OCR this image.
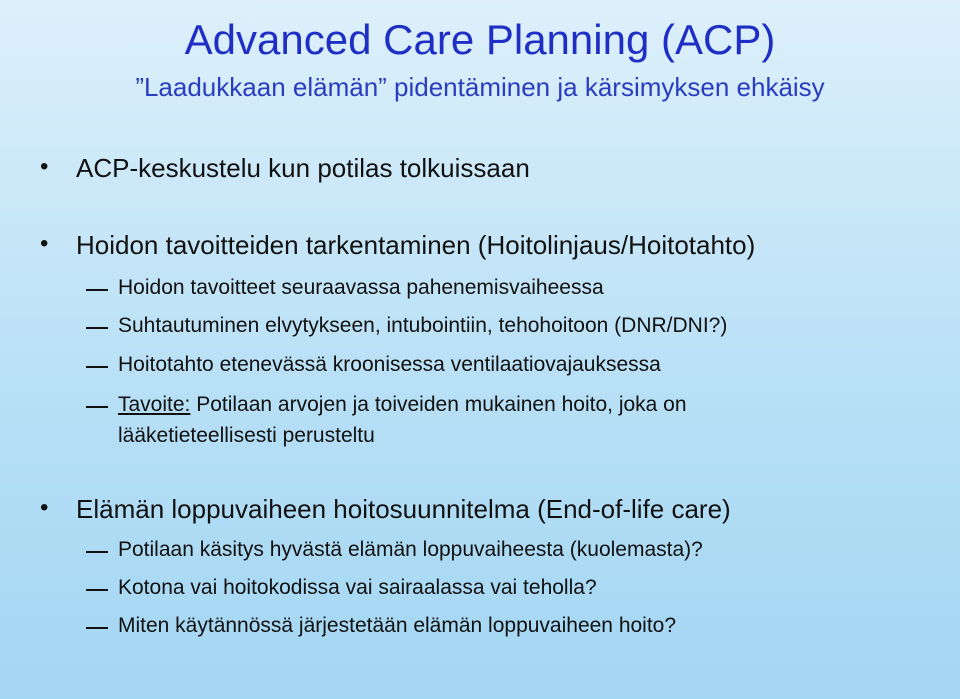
Advanced Care Planning (ACP)
”Laadukkaan elämän” pidentäminen ja kärsimyksen ehkäisy
• ACP-keskustelu kun potilas tolkuissaan
• Hoidon tavoitteiden tarkentaminen (Hoitolinjaus/Hoitotahto)
Hoidon tavoitteet seuraavassa pahenemisvaiheessa
Suhtautuminen elvytykseen, intubointiin, tehohoitoon (DNR/DNI?)
Hoitotahto etenevässä kroonisessa ventilaatiovajauksessa
Tavoite: Potilaan arvojen ja toiveiden mukainen hoito, joka on
lääketieteellisesti perusteltu
• Elämän loppuvaiheen hoitosuunnitelma (End-of-life care)
Potilaan käsitys hyvästä elämän loppuvaiheesta (kuolemasta)?
Kotona vai hoitokodissa vai sairaalassa vai teholla?
Miten käytännössä järjestetään elämän loppuvaiheen hoito?
